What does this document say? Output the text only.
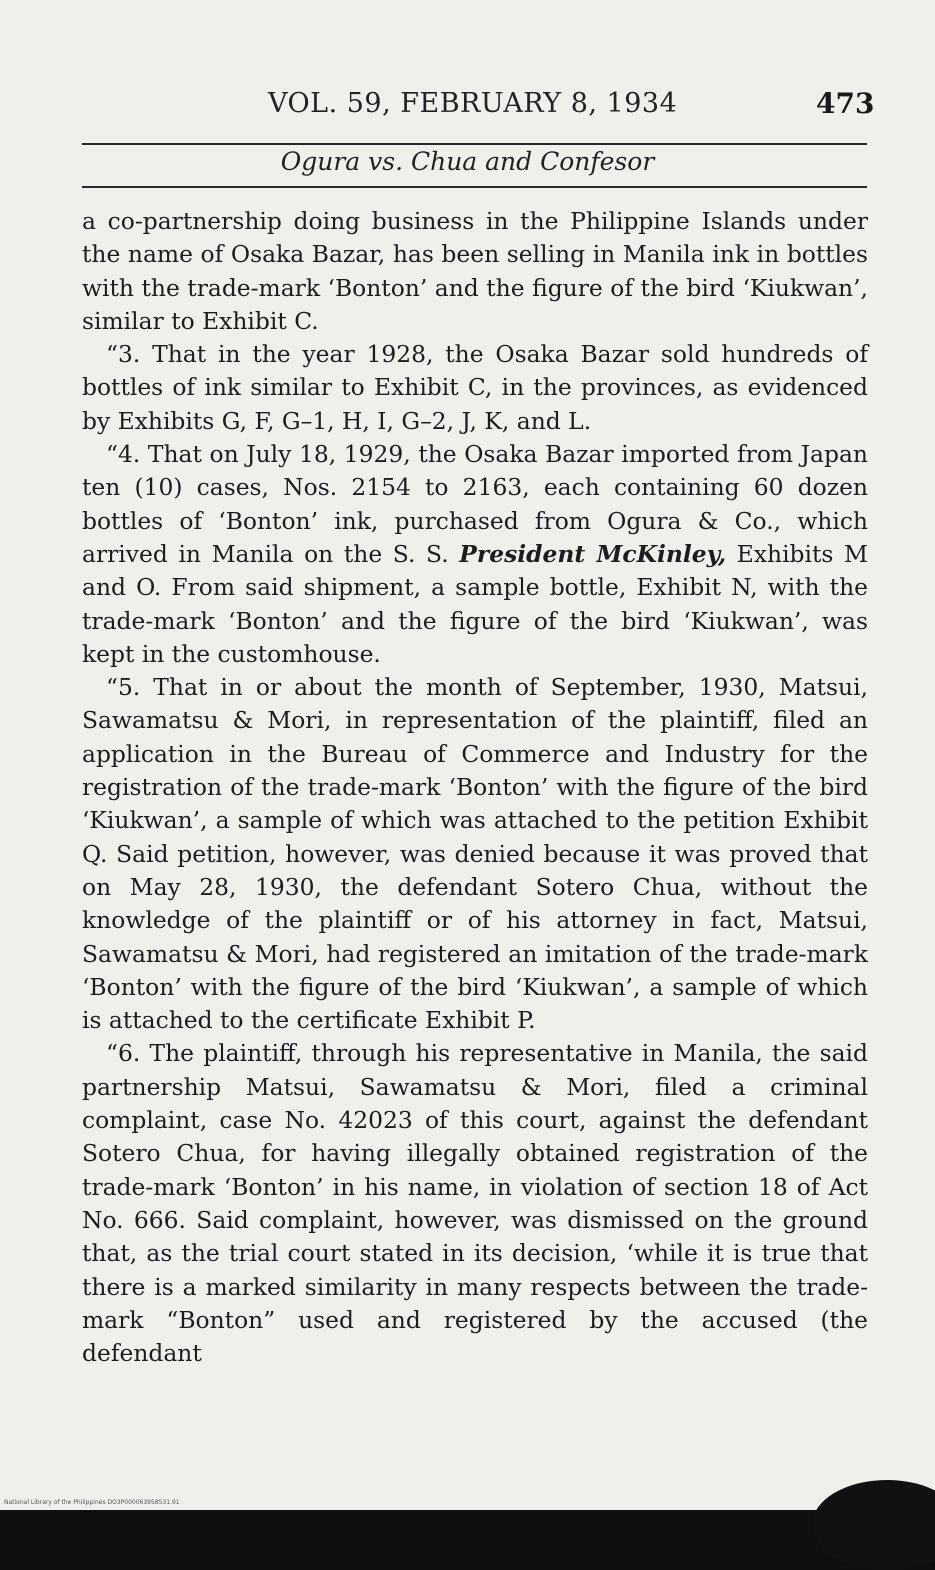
VOL. 59, FEBRUARY 8, 1934	473
Ogura vs. Chua and Confesor

a co-partnership doing business in the Philippine Islands under the name of Osaka Bazar, has been selling in Manila ink in bottles with the trade-mark ‘Bonton’ and the figure of the bird ‘Kiukwan’, similar to Exhibit C.

“3. That in the year 1928, the Osaka Bazar sold hundreds of bottles of ink similar to Exhibit C, in the provinces, as evidenced by Exhibits G, F, G–1, H, I, G–2, J, K, and L.

“4. That on July 18, 1929, the Osaka Bazar imported from Japan ten (10) cases, Nos. 2154 to 2163, each containing 60 dozen bottles of ‘Bonton’ ink, purchased from Ogura & Co., which arrived in Manila on the S. S. President McKinley, Exhibits M and O. From said shipment, a sample bottle, Exhibit N, with the trade-mark ‘Bonton’ and the figure of the bird ‘Kiukwan’, was kept in the customhouse.

“5. That in or about the month of September, 1930, Matsui, Sawamatsu & Mori, in representation of the plaintiff, filed an application in the Bureau of Commerce and Industry for the registration of the trade-mark ‘Bonton’ with the figure of the bird ‘Kiukwan’, a sample of which was attached to the petition Exhibit Q. Said petition, however, was denied because it was proved that on May 28, 1930, the defendant Sotero Chua, without the knowledge of the plaintiff or of his attorney in fact, Matsui, Sawamatsu & Mori, had registered an imitation of the trade-mark ‘Bonton’ with the figure of the bird ‘Kiukwan’, a sample of which is attached to the certificate Exhibit P.

“6. The plaintiff, through his representative in Manila, the said partnership Matsui, Sawamatsu & Mori, filed a criminal complaint, case No. 42023 of this court, against the defendant Sotero Chua, for having illegally obtained registration of the trade-mark ‘Bonton’ in his name, in violation of section 18 of Act No. 666. Said complaint, however, was dismissed on the ground that, as the trial court stated in its decision, ‘while it is true that there is a marked similarity in many respects between the trade-mark “Bonton” used and registered by the accused (the defendant

National Library of the Philippines DO3P000063958531.91
